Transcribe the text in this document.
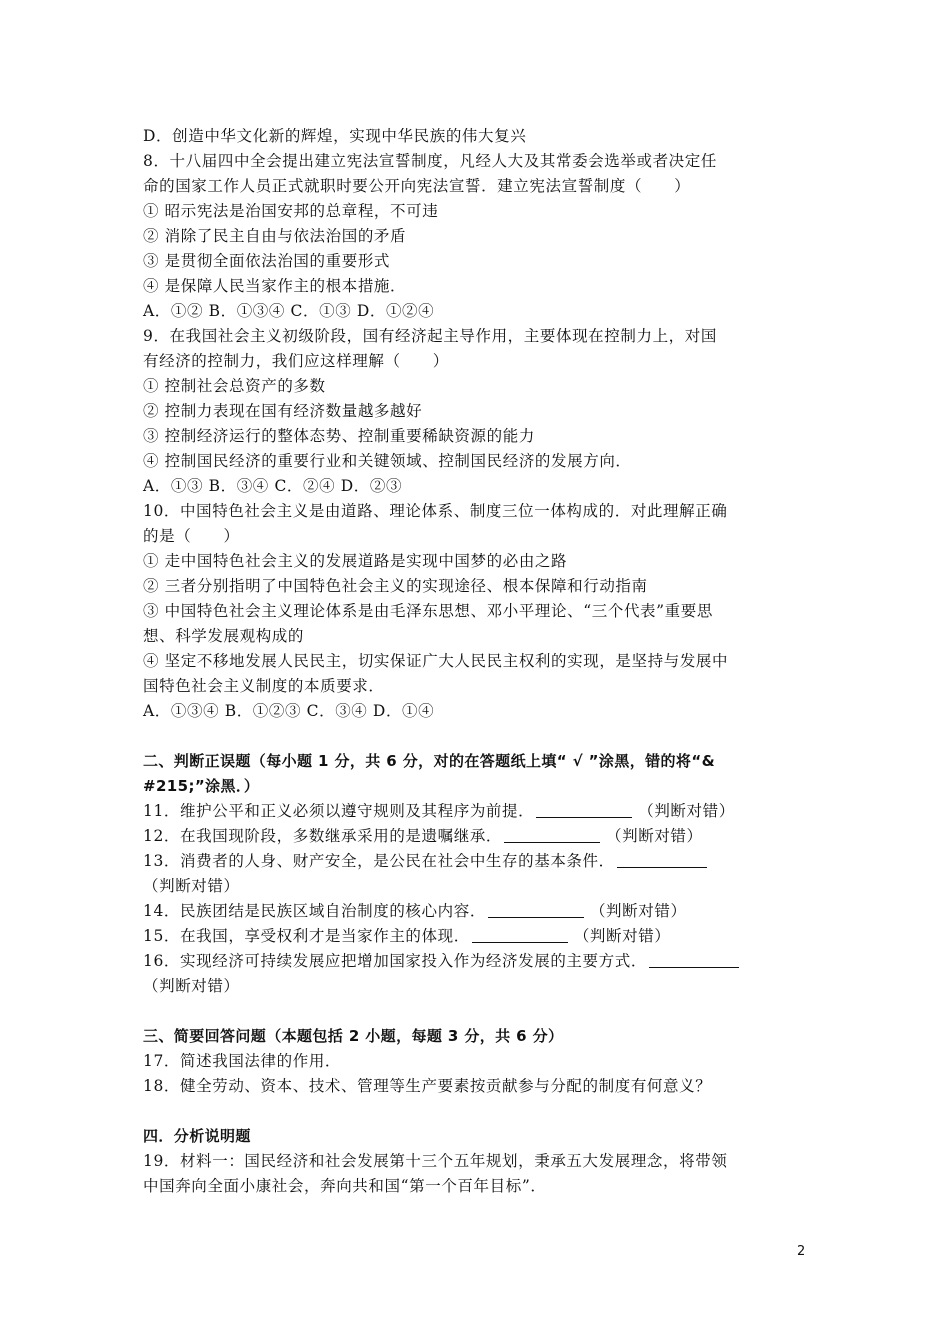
D．创造中华文化新的辉煌，实现中华民族的伟大复兴
8．十八届四中全会提出建立宪法宣誓制度，凡经人大及其常委会选举或者决定任
命的国家工作人员正式就职时要公开向宪法宣誓．建立宪法宣誓制度（　　）
① 昭示宪法是治国安邦的总章程，不可违
② 消除了民主自由与依法治国的矛盾
③ 是贯彻全面依法治国的重要形式
④ 是保障人民当家作主的根本措施．
A．①② B．①③④ C．①③ D．①②④
9．在我国社会主义初级阶段，国有经济起主导作用，主要体现在控制力上，对国
有经济的控制力，我们应这样理解（　　）
① 控制社会总资产的多数
② 控制力表现在国有经济数量越多越好
③ 控制经济运行的整体态势、控制重要稀缺资源的能力
④ 控制国民经济的重要行业和关键领域、控制国民经济的发展方向．
A．①③ B．③④ C．②④ D．②③
10．中国特色社会主义是由道路、理论体系、制度三位一体构成的．对此理解正确
的是（　　）
① 走中国特色社会主义的发展道路是实现中国梦的必由之路
② 三者分别指明了中国特色社会主义的实现途径、根本保障和行动指南
③ 中国特色社会主义理论体系是由毛泽东思想、邓小平理论、“三个代表”重要思
想、科学发展观构成的
④ 坚定不移地发展人民民主，切实保证广大人民民主权利的实现，是坚持与发展中
国特色社会主义制度的本质要求．
A．①③④ B．①②③ C．③④ D．①④
二、判断正误题（每小题 1 分，共 6 分，对的在答题纸上填“ √ ”涂黑，错的将“&
#215;”涂黑．）
11．维护公平和正义必须以遵守规则及其程序为前提．	（判断对错）
12．在我国现阶段，多数继承采用的是遗嘱继承．	（判断对错）
13．消费者的人身、财产安全，是公民在社会中生存的基本条件．
（判断对错）
14．民族团结是民族区域自治制度的核心内容．	（判断对错）
15．在我国，享受权利才是当家作主的体现．	（判断对错）
16．实现经济可持续发展应把增加国家投入作为经济发展的主要方式．
（判断对错）
三、简要回答问题（本题包括 2 小题，每题 3 分，共 6 分）
17．简述我国法律的作用．
18．健全劳动、资本、技术、管理等生产要素按贡献参与分配的制度有何意义？
四．分析说明题
19．材料一：国民经济和社会发展第十三个五年规划，秉承五大发展理念，将带领
中国奔向全面小康社会，奔向共和国“第一个百年目标”．
2
